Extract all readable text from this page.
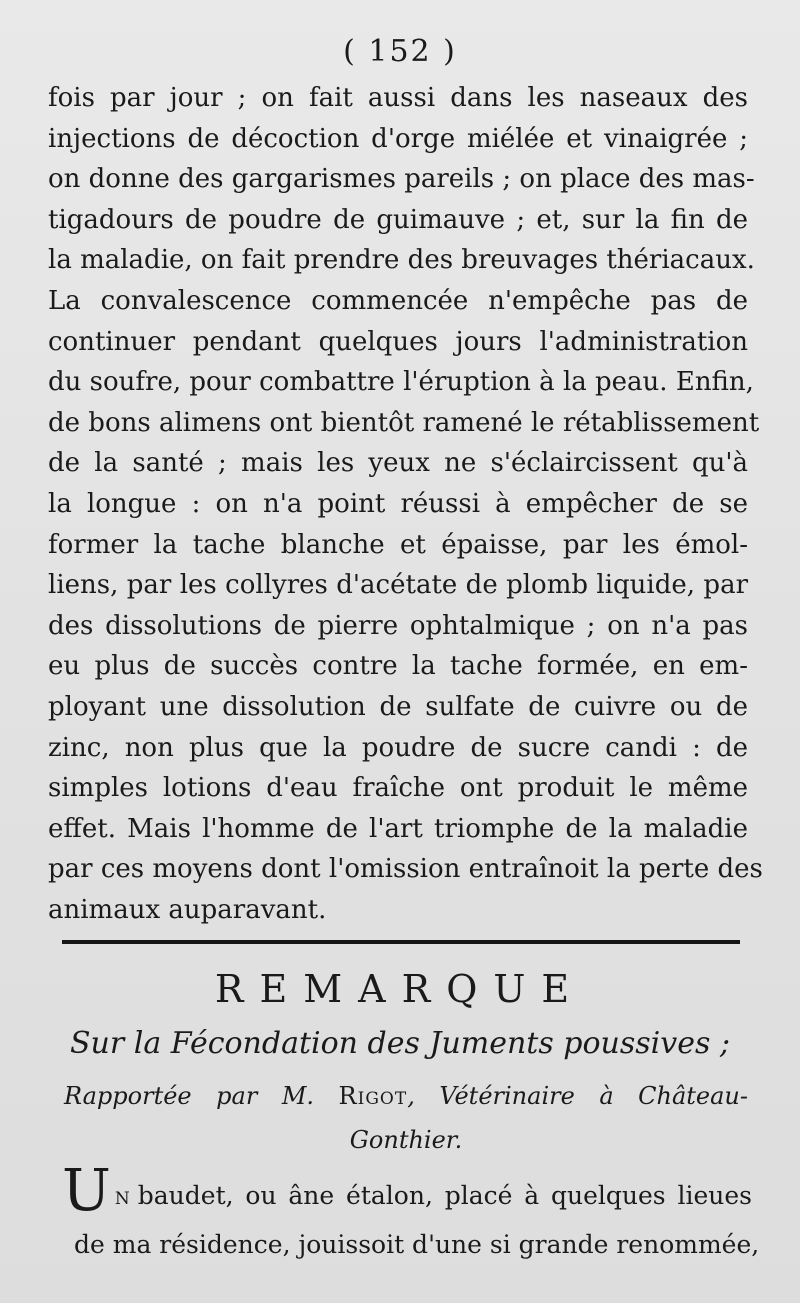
( 152 )
fois par jour ; on fait aussi dans les naseaux des
injections de décoction d'orge miélée et vinaigrée ;
on donne des gargarismes pareils ; on place des mas-
tigadours de poudre de guimauve ; et, sur la fin de
la maladie, on fait prendre des breuvages thériacaux.
La convalescence commencée n'empêche pas de
continuer pendant quelques jours l'administration
du soufre, pour combattre l'éruption à la peau. Enfin,
de bons alimens ont bientôt ramené le rétablissement
de la santé ; mais les yeux ne s'éclaircissent qu'à
la longue : on n'a point réussi à empêcher de se
former la tache blanche et épaisse, par les émol-
liens, par les collyres d'acétate de plomb liquide, par
des dissolutions de pierre ophtalmique ; on n'a pas
eu plus de succès contre la tache formée, en em-
ployant une dissolution de sulfate de cuivre ou de
zinc, non plus que la poudre de sucre candi : de
simples lotions d'eau fraîche ont produit le même
effet. Mais l'homme de l'art triomphe de la maladie
par ces moyens dont l'omission entraînoit la perte des
animaux auparavant.
REMARQUE
Sur la Fécondation des Juments poussives ;
Rapportée par M. Rigot, Vétérinaire à Château-
Gonthier.
U N baudet, ou âne étalon, placé à quelques lieues
de ma résidence, jouissoit d'une si grande renommée,
